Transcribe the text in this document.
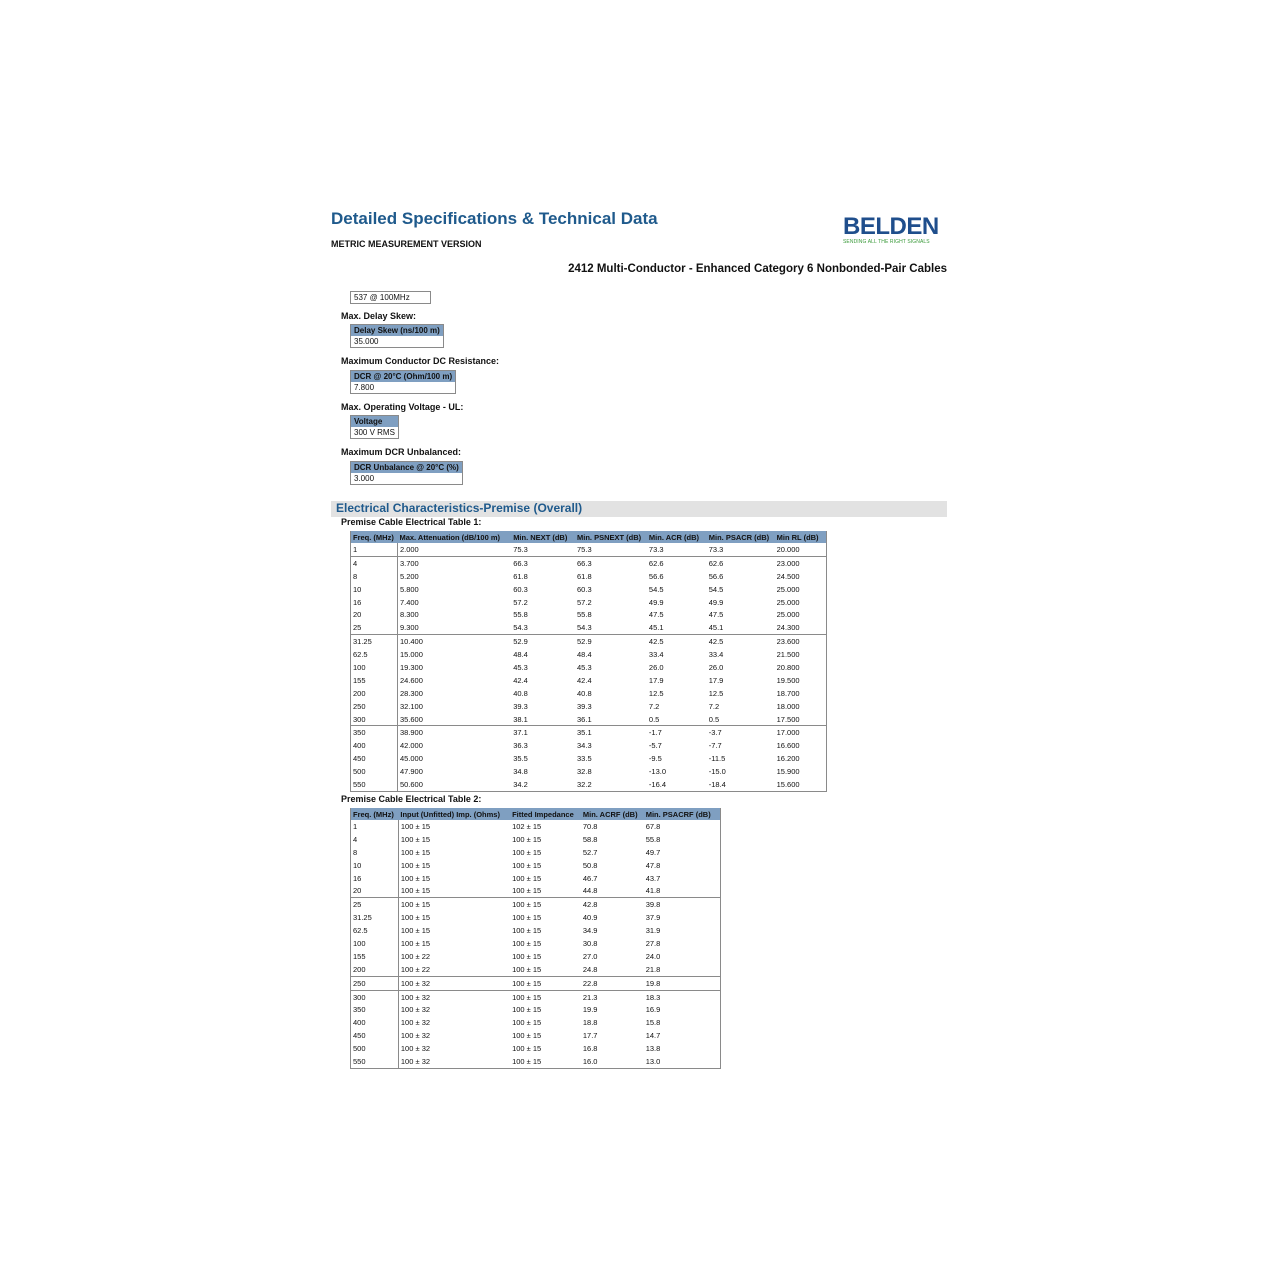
Detailed Specifications & Technical Data
METRIC MEASUREMENT VERSION
BELDEN
SENDING ALL THE RIGHT SIGNALS
2412 Multi-Conductor - Enhanced Category 6 Nonbonded-Pair Cables
537 @ 100MHz
Max. Delay Skew:
Delay Skew (ns/100 m)
35.000
Maximum Conductor DC Resistance:
DCR @ 20°C (Ohm/100 m)
7.800
Max. Operating Voltage - UL:
Voltage
300 V RMS
Maximum DCR Unbalanced:
DCR Unbalance @ 20°C (%)
3.000
Electrical Characteristics-Premise (Overall)
Premise Cable Electrical Table 1:
Freq. (MHz)	Max. Attenuation (dB/100 m)	Min. NEXT (dB)	Min. PSNEXT (dB)	Min. ACR (dB)	Min. PSACR (dB)	Min RL (dB)
1	2.000	75.3	75.3	73.3	73.3	20.000
4	3.700	66.3	66.3	62.6	62.6	23.000
8	5.200	61.8	61.8	56.6	56.6	24.500
10	5.800	60.3	60.3	54.5	54.5	25.000
16	7.400	57.2	57.2	49.9	49.9	25.000
20	8.300	55.8	55.8	47.5	47.5	25.000
25	9.300	54.3	54.3	45.1	45.1	24.300
31.25	10.400	52.9	52.9	42.5	42.5	23.600
62.5	15.000	48.4	48.4	33.4	33.4	21.500
100	19.300	45.3	45.3	26.0	26.0	20.800
155	24.600	42.4	42.4	17.9	17.9	19.500
200	28.300	40.8	40.8	12.5	12.5	18.700
250	32.100	39.3	39.3	7.2	7.2	18.000
300	35.600	38.1	36.1	0.5	0.5	17.500
350	38.900	37.1	35.1	-1.7	-3.7	17.000
400	42.000	36.3	34.3	-5.7	-7.7	16.600
450	45.000	35.5	33.5	-9.5	-11.5	16.200
500	47.900	34.8	32.8	-13.0	-15.0	15.900
550	50.600	34.2	32.2	-16.4	-18.4	15.600
Premise Cable Electrical Table 2:
Freq. (MHz)	Input (Unfitted) Imp. (Ohms)	Fitted Impedance	Min. ACRF (dB)	Min. PSACRF (dB)
1	100 ± 15	102 ± 15	70.8	67.8
4	100 ± 15	100 ± 15	58.8	55.8
8	100 ± 15	100 ± 15	52.7	49.7
10	100 ± 15	100 ± 15	50.8	47.8
16	100 ± 15	100 ± 15	46.7	43.7
20	100 ± 15	100 ± 15	44.8	41.8
25	100 ± 15	100 ± 15	42.8	39.8
31.25	100 ± 15	100 ± 15	40.9	37.9
62.5	100 ± 15	100 ± 15	34.9	31.9
100	100 ± 15	100 ± 15	30.8	27.8
155	100 ± 22	100 ± 15	27.0	24.0
200	100 ± 22	100 ± 15	24.8	21.8
250	100 ± 32	100 ± 15	22.8	19.8
300	100 ± 32	100 ± 15	21.3	18.3
350	100 ± 32	100 ± 15	19.9	16.9
400	100 ± 32	100 ± 15	18.8	15.8
450	100 ± 32	100 ± 15	17.7	14.7
500	100 ± 32	100 ± 15	16.8	13.8
550	100 ± 32	100 ± 15	16.0	13.0
